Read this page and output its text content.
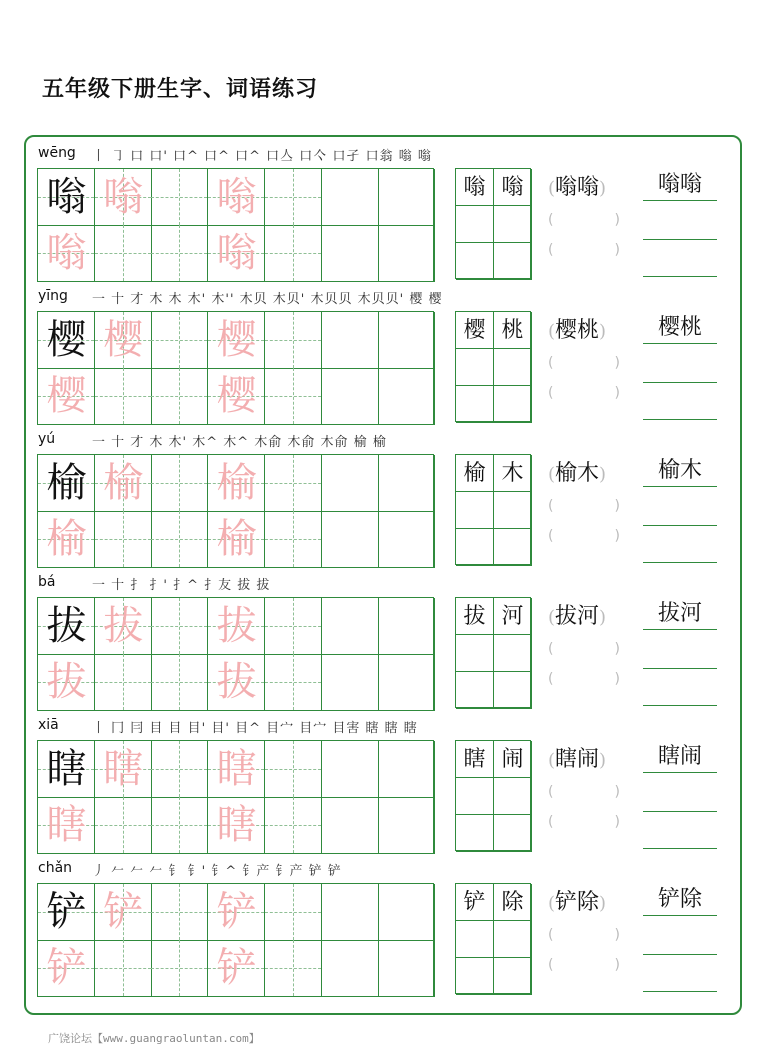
五年级下册生字、词语练习
wēng 丨 ㇆ 口 口' 口^ 口^ 口^ 口亼 口亽 口孑 口翁 嗡 嗡
嗡 嗡 嗡
嗡	嗡
嗡 嗡	(嗡嗡)
(	)
(	)
嗡嗡
yīng 一 十 才 木 木 木' 木'' 木贝 木贝' 木贝贝 木贝贝' 樱 樱
樱 樱 樱
樱	樱
樱 桃	(樱桃)
(	)
(	)
樱桃
yú	一 十 才 木 木' 木^ 木^ 木俞 木俞 木俞 榆 榆
榆 榆 榆
榆	榆
榆 木	(榆木)
(	)
(	)
榆木
bá	一 十 扌 扌' 扌^ 扌友 拔 拔
拔 拔 拔
拔	拔
拔 河	(拔河)
(	)
(	)
拔河
xiā	丨 冂 冃 目 目 目' 目' 目^ 目宀 目宀 目害 瞎 瞎 瞎
瞎 瞎 瞎
瞎	瞎
瞎 闹	(瞎闹)
(	)
(	)
瞎闹
chǎn 丿 𠂉 𠂉 𠂉 钅 钅' 钅^ 钅产 钅产 铲 铲
铲 铲 铲
铲	铲
铲 除	(铲除)
(	)
(	)
铲除
广饶论坛【www.guangraoluntan.com】
